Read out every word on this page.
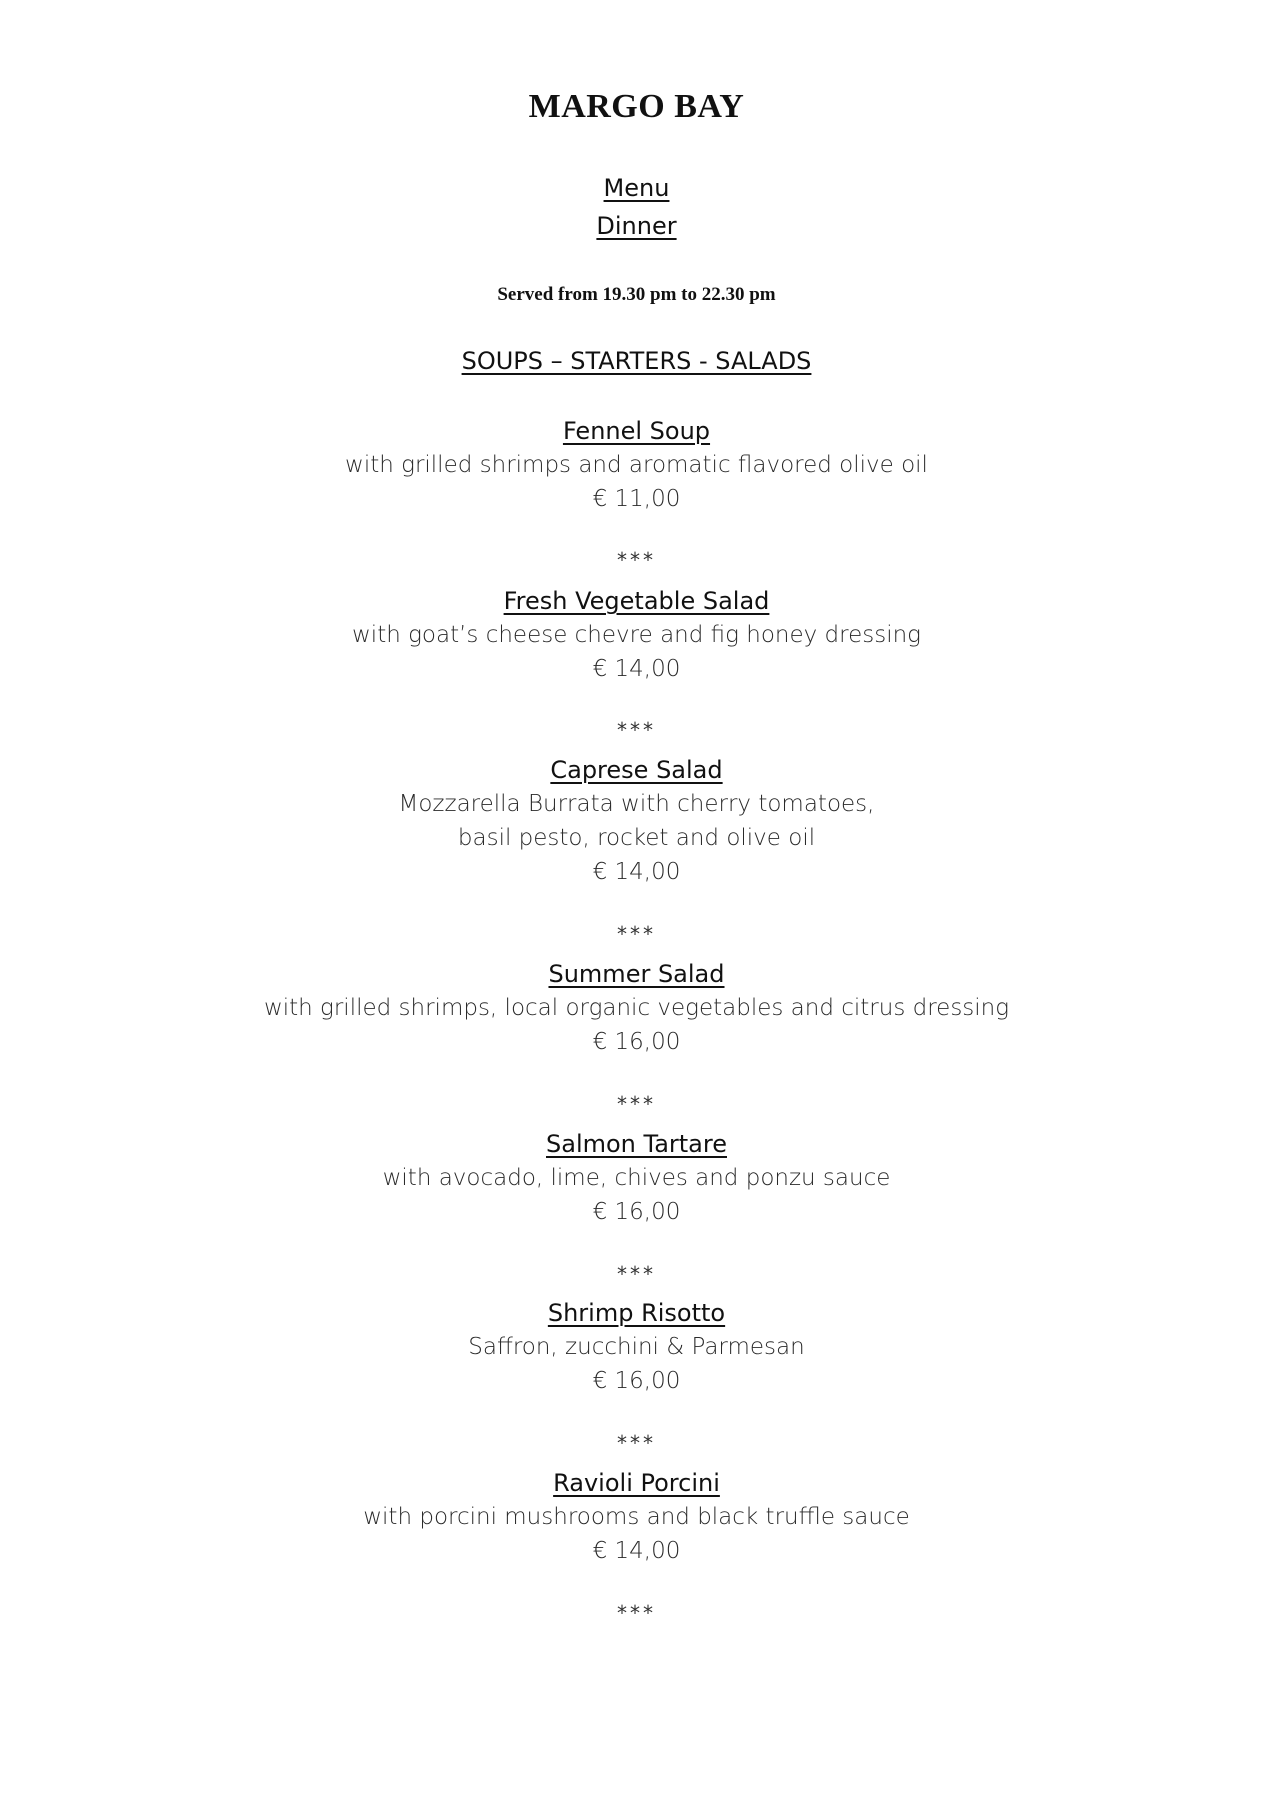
MARGO BAY
Menu
Dinner
Served from 19.30 pm to 22.30 pm
SOUPS – STARTERS - SALADS
Fennel Soup
with grilled shrimps and aromatic flavored olive oil
€ 11,00
***
Fresh Vegetable Salad
with goat’s cheese chevre and fig honey dressing
€ 14,00
***
Caprese Salad
Mozzarella Burrata with cherry tomatoes,
basil pesto, rocket and olive oil
€ 14,00
***
Summer Salad
with grilled shrimps, local organic vegetables and citrus dressing
€ 16,00
***
Salmon Tartare
with avocado, lime, chives and ponzu sauce
€ 16,00
***
Shrimp Risotto
Saffron, zucchini & Parmesan
€ 16,00
***
Ravioli Porcini
with porcini mushrooms and black truffle sauce
€ 14,00
***
